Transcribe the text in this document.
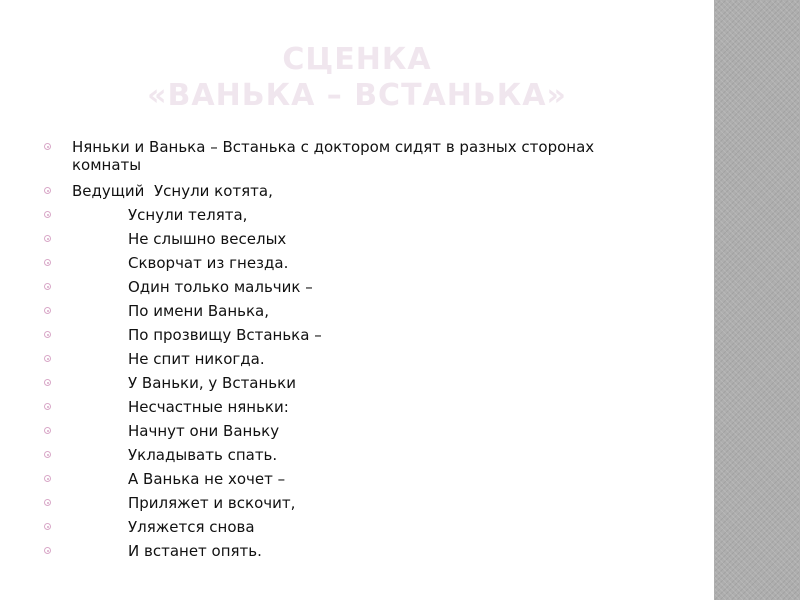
СЦЕНКА
«ВАНЬКА – ВСТАНЬКА»
Няньки и Ванька – Встанька с доктором сидят в разных сторонах комнаты
Ведущий Уснули котята,
Уснули телята,
Не слышно веселых
Скворчат из гнезда.
Один только мальчик –
По имени Ванька,
По прозвищу Встанька –
Не спит никогда.
У Ваньки, у Встаньки
Несчастные няньки:
Начнут они Ваньку
Укладывать спать.
А Ванька не хочет –
Приляжет и вскочит,
Уляжется снова
И встанет опять.
